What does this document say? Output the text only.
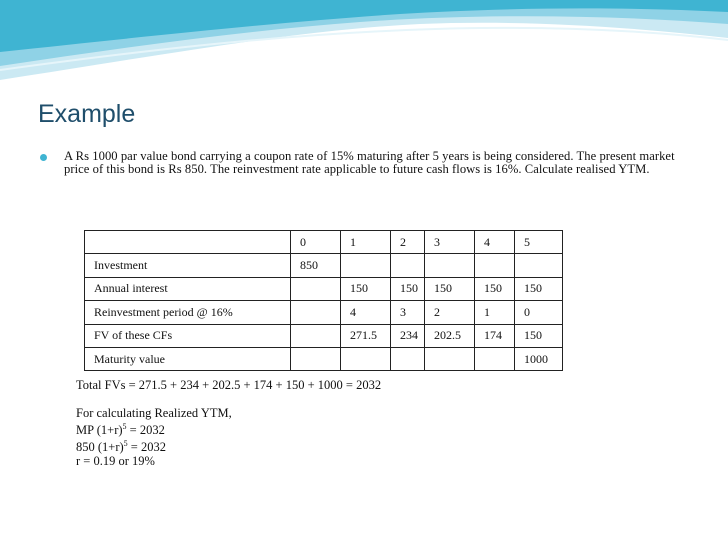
Example
A Rs 1000 par value bond carrying a coupon rate of 15% maturing after 5 years is being considered. The present market price of this bond is Rs 850. The reinvestment rate applicable to future cash flows is 16%. Calculate realised YTM.
	0	1	2	3	4	5
Investment	850					
Annual interest		150	150	150	150	150
Reinvestment period @ 16%		4	3	2	1	0
FV of these CFs		271.5	234	202.5	174	150
Maturity value						1000
Total FVs = 271.5 + 234 + 202.5 + 174 + 150 + 1000 = 2032
For calculating Realized YTM,
MP $(1+r)^5 = 2032$
850 $(1+r)^5 = 2032$
r = 0.19 or 19%
